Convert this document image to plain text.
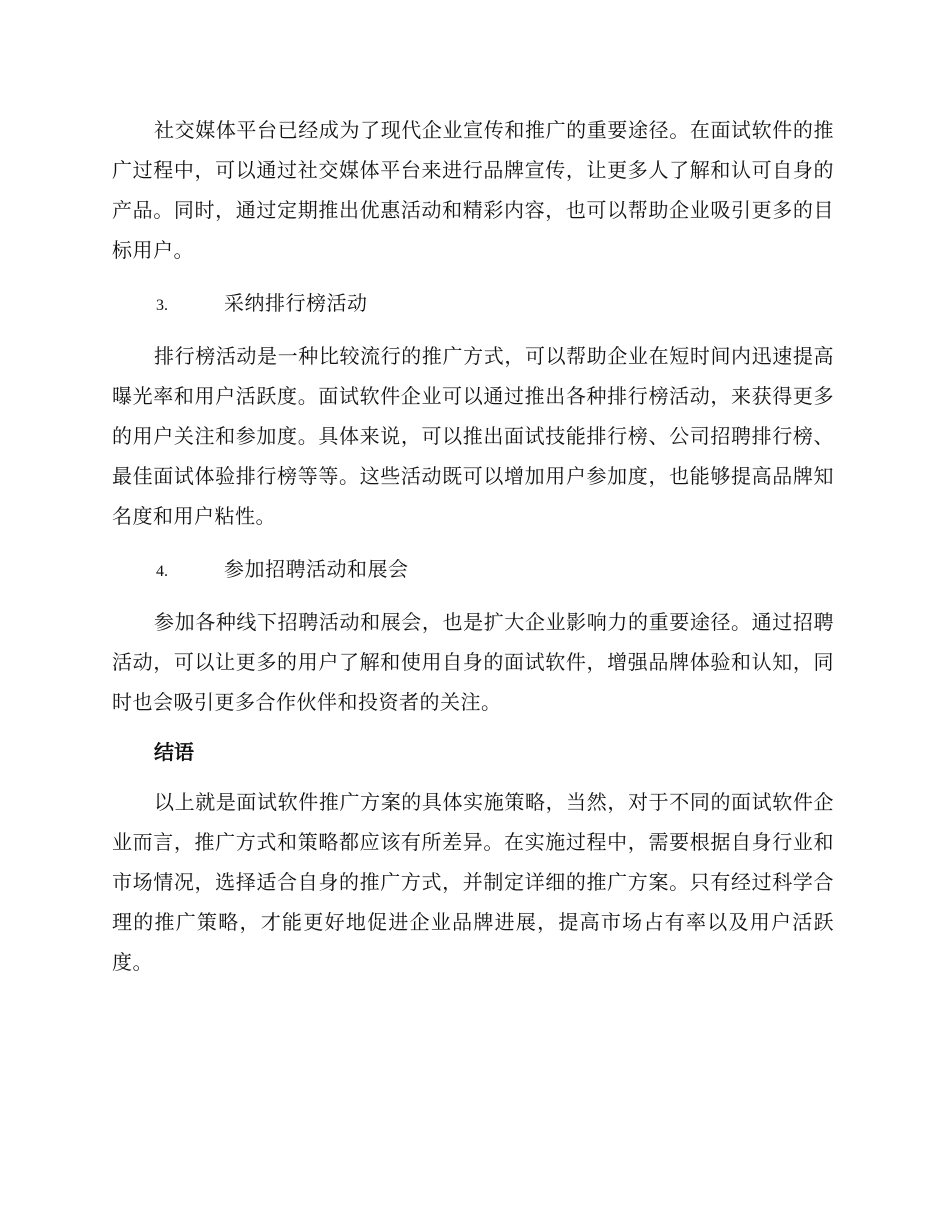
社交媒体平台已经成为了现代企业宣传和推广的重要途径。在面试软件的推广过程中，可以通过社交媒体平台来进行品牌宣传，让更多人了解和认可自身的产品。同时，通过定期推出优惠活动和精彩内容，也可以帮助企业吸引更多的目标用户。

3.	采纳排行榜活动

排行榜活动是一种比较流行的推广方式，可以帮助企业在短时间内迅速提高曝光率和用户活跃度。面试软件企业可以通过推出各种排行榜活动，来获得更多的用户关注和参加度。具体来说，可以推出面试技能排行榜、公司招聘排行榜、最佳面试体验排行榜等等。这些活动既可以增加用户参加度，也能够提高品牌知名度和用户粘性。

4.	参加招聘活动和展会

参加各种线下招聘活动和展会，也是扩大企业影响力的重要途径。通过招聘活动，可以让更多的用户了解和使用自身的面试软件，增强品牌体验和认知，同时也会吸引更多合作伙伴和投资者的关注。

结语

以上就是面试软件推广方案的具体实施策略，当然，对于不同的面试软件企业而言，推广方式和策略都应该有所差异。在实施过程中，需要根据自身行业和市场情况，选择适合自身的推广方式，并制定详细的推广方案。只有经过科学合理的推广策略，才能更好地促进企业品牌进展，提高市场占有率以及用户活跃度。
